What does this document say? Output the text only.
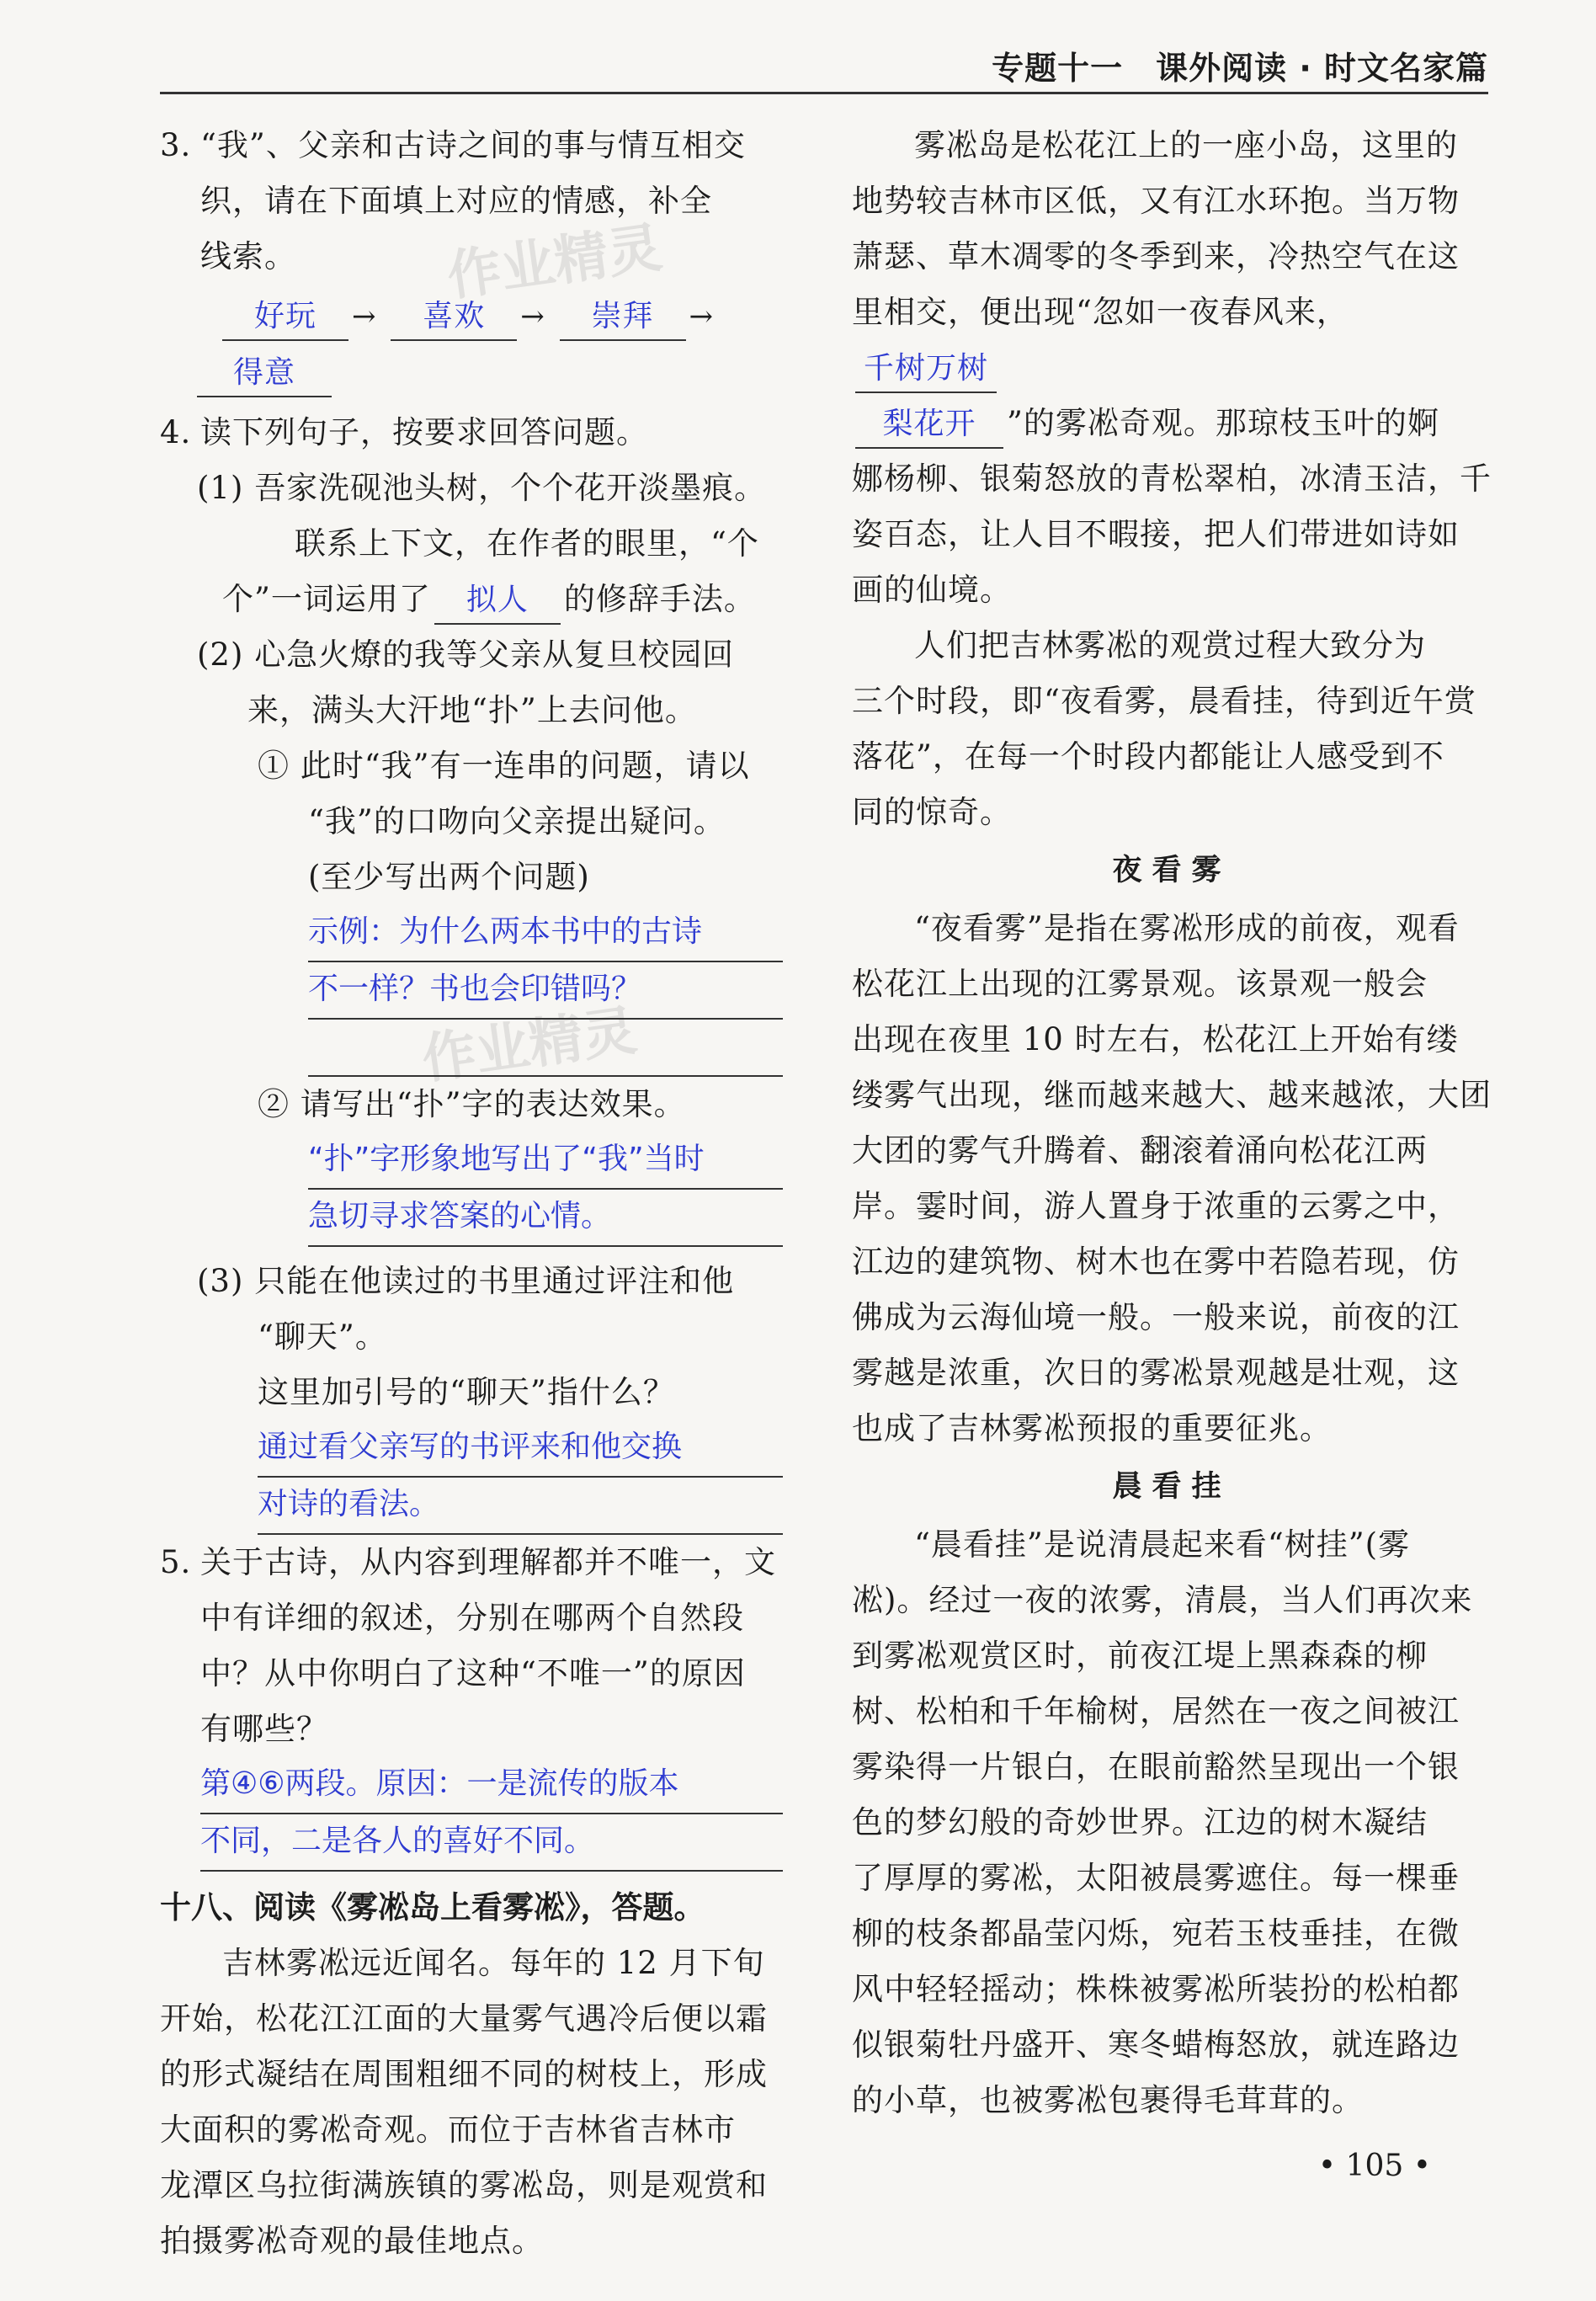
专题十一　课外阅读 · 时文名家篇
作业精灵
作业精灵

3. “我”、父亲和古诗之间的事与情互相交

织，请在下面填上对应的情感，补全

线索。

好玩 → 喜欢 → 崇拜 →

得意

4. 读下列句子，按要求回答问题。

(1) 吾家洗砚池头树，个个花开淡墨痕。

联系上下文，在作者的眼里，“个

个”一词运用了 拟人 的修辞手法。

(2) 心急火燎的我等父亲从复旦校园回

来，满头大汗地“扑”上去问他。

① 此时“我”有一连串的问题，请以

“我”的口吻向父亲提出疑问。

(至少写出两个问题)

示例：为什么两本书中的古诗
不一样？书也会印错吗？

② 请写出“扑”字的表达效果。

“扑”字形象地写出了“我”当时
急切寻求答案的心情。

(3) 只能在他读过的书里通过评注和他

“聊天”。

这里加引号的“聊天”指什么？

通过看父亲写的书评来和他交换
对诗的看法。

5. 关于古诗，从内容到理解都并不唯一，文

中有详细的叙述，分别在哪两个自然段

中？从中你明白了这种“不唯一”的原因

有哪些？

第④⑥两段。原因：一是流传的版本
不同，二是各人的喜好不同。

十八、阅读《雾凇岛上看雾凇》，答题。

吉林雾凇远近闻名。每年的 12 月下旬

开始，松花江江面的大量雾气遇冷后便以霜

的形式凝结在周围粗细不同的树枝上，形成

大面积的雾凇奇观。而位于吉林省吉林市

龙潭区乌拉街满族镇的雾凇岛，则是观赏和

拍摄雾凇奇观的最佳地点。

雾凇岛是松花江上的一座小岛，这里的

地势较吉林市区低，又有江水环抱。当万物

萧瑟、草木凋零的冬季到来，冷热空气在这

里相交，便出现“忽如一夜春风来，千树万树

梨花开 ”的雾凇奇观。那琼枝玉叶的婀

娜杨柳、银菊怒放的青松翠柏，冰清玉洁，千

姿百态，让人目不暇接，把人们带进如诗如

画的仙境。

人们把吉林雾凇的观赏过程大致分为

三个时段，即“夜看雾，晨看挂，待到近午赏

落花”，在每一个时段内都能让人感受到不

同的惊奇。

夜看雾

“夜看雾”是指在雾凇形成的前夜，观看

松花江上出现的江雾景观。该景观一般会

出现在夜里 10 时左右，松花江上开始有缕

缕雾气出现，继而越来越大、越来越浓，大团

大团的雾气升腾着、翻滚着涌向松花江两

岸。霎时间，游人置身于浓重的云雾之中，

江边的建筑物、树木也在雾中若隐若现，仿

佛成为云海仙境一般。一般来说，前夜的江

雾越是浓重，次日的雾凇景观越是壮观，这

也成了吉林雾凇预报的重要征兆。

晨看挂

“晨看挂”是说清晨起来看“树挂”(雾

凇)。经过一夜的浓雾，清晨，当人们再次来

到雾凇观赏区时，前夜江堤上黑森森的柳

树、松柏和千年榆树，居然在一夜之间被江

雾染得一片银白，在眼前豁然呈现出一个银

色的梦幻般的奇妙世界。江边的树木凝结

了厚厚的雾凇，太阳被晨雾遮住。每一棵垂

柳的枝条都晶莹闪烁，宛若玉枝垂挂，在微

风中轻轻摇动；株株被雾凇所装扮的松柏都

似银菊牡丹盛开、寒冬蜡梅怒放，就连路边

的小草，也被雾凇包裹得毛茸茸的。

• 105 •
